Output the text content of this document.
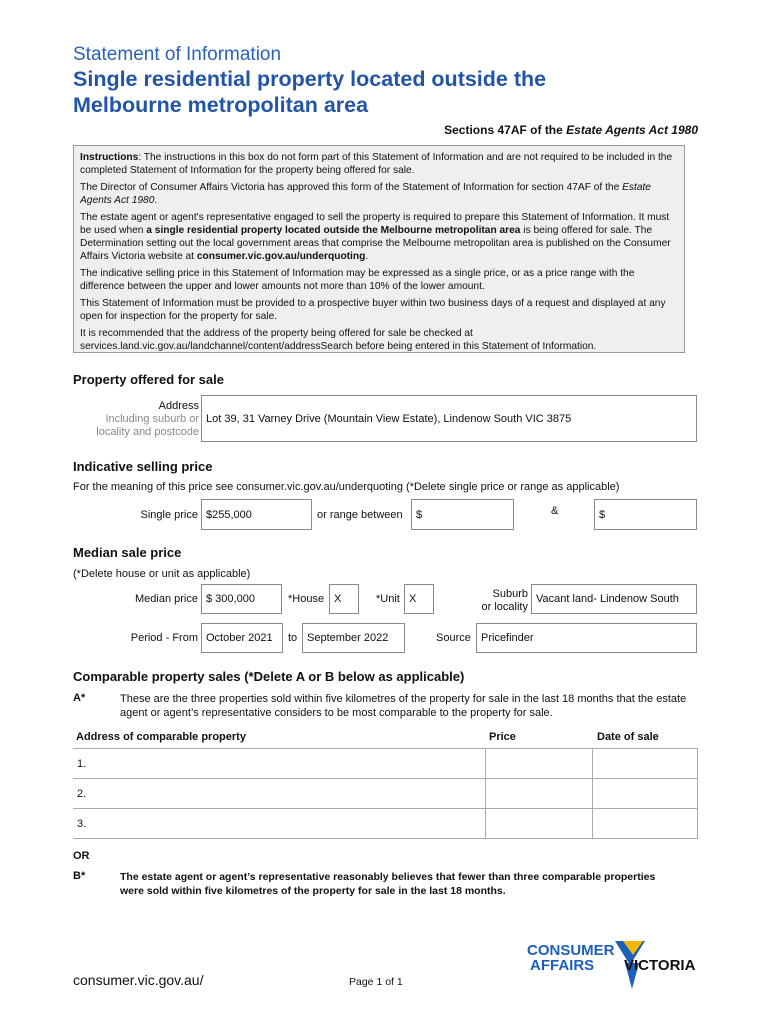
Statement of Information
Single residential property located outside the
Melbourne metropolitan area
Sections 47AF of the Estate Agents Act 1980

Instructions: The instructions in this box do not form part of this Statement of Information and are not required to be included in the completed Statement of Information for the property being offered for sale.

The Director of Consumer Affairs Victoria has approved this form of the Statement of Information for section 47AF of the Estate Agents Act 1980.

The estate agent or agent's representative engaged to sell the property is required to prepare this Statement of Information. It must be used when a single residential property located outside the Melbourne metropolitan area is being offered for sale. The Determination setting out the local government areas that comprise the Melbourne metropolitan area is published on the Consumer Affairs Victoria website at consumer.vic.gov.au/underquoting.

The indicative selling price in this Statement of Information may be expressed as a single price, or as a price range with the difference between the upper and lower amounts not more than 10% of the lower amount.

This Statement of Information must be provided to a prospective buyer within two business days of a request and displayed at any open for inspection for the property for sale.

It is recommended that the address of the property being offered for sale be checked at services.land.vic.gov.au/landchannel/content/addressSearch before being entered in this Statement of Information.

Property offered for sale
Address
Including suburb or
locality and postcode
Lot 39, 31 Varney Drive (Mountain View Estate), Lindenow South VIC 3875
Indicative selling price
For the meaning of this price see consumer.vic.gov.au/underquoting (*Delete single price or range as applicable)
Single price $255,000	or range between $	&	$
Median sale price
(*Delete house or unit as applicable)
Median price $ 300,000	*House X	*Unit X	Suburb
or locality
Vacant land- Lindenow South
Period - From October 2021 to September 2022	Source Pricefinder
Comparable property sales (*Delete A or B below as applicable)
A*	These are the three properties sold within five kilometres of the property for sale in the last 18 months that the estate agent or agent’s representative considers to be most comparable to the property for sale.
Address of comparable property	Price	Date of sale
1.		
2.		
3.		
OR
B*	The estate agent or agent’s representative reasonably believes that fewer than three comparable properties were sold within five kilometres of the property for sale in the last 18 months.
CONSUMER
AFFAIRS VICTORIA
consumer.vic.gov.au/	Page 1 of 1
